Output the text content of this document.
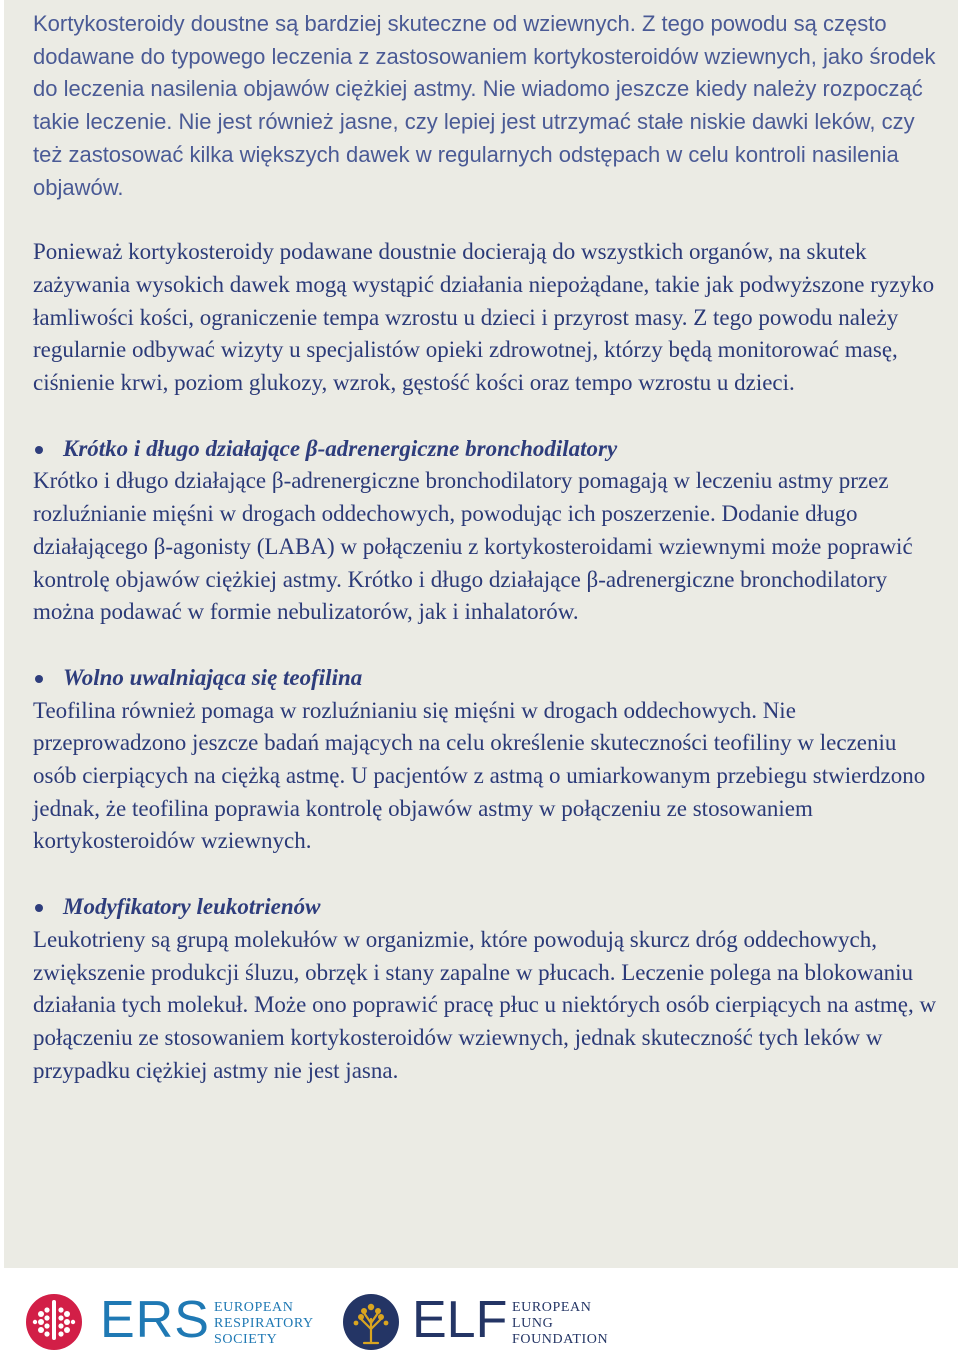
Kortykosteroidy doustne są bardziej skuteczne od wziewnych. Z tego powodu są często dodawane do typowego leczenia z zastosowaniem kortykosteroidów wziewnych, jako środek do leczenia nasilenia objawów ciężkiej astmy. Nie wiadomo jeszcze kiedy należy rozpocząć takie leczenie. Nie jest również jasne, czy lepiej jest utrzymać stałe niskie dawki leków, czy też zastosować kilka większych dawek w regularnych odstępach w celu kontroli nasilenia objawów.

Ponieważ kortykosteroidy podawane doustnie docierają do wszystkich organów, na skutek zażywania wysokich dawek mogą wystąpić działania niepożądane, takie jak podwyższone ryzyko łamliwości kości, ograniczenie tempa wzrostu u dzieci i przyrost masy. Z tego powodu należy regularnie odbywać wizyty u specjalistów opieki zdrowotnej, którzy będą monitorować masę, ciśnienie krwi, poziom glukozy, wzrok, gęstość kości oraz tempo wzrostu u dzieci.

Krótko i długo działające β-adrenergiczne bronchodilatory

Krótko i długo działające β-adrenergiczne bronchodilatory pomagają w leczeniu astmy przez rozluźnianie mięśni w drogach oddechowych, powodując ich poszerzenie. Dodanie długo działającego β-agonisty (LABA) w połączeniu z kortykosteroidami wziewnymi może poprawić kontrolę objawów ciężkiej astmy. Krótko i długo działające β-adrenergiczne bronchodilatory można podawać w formie nebulizatorów, jak i inhalatorów.

Wolno uwalniająca się teofilina

Teofilina również pomaga w rozluźnianiu się mięśni w drogach oddechowych. Nie przeprowadzono jeszcze badań mających na celu określenie skuteczności teofiliny w leczeniu osób cierpiących na ciężką astmę. U pacjentów z astmą o umiarkowanym przebiegu stwierdzono jednak, że teofilina poprawia kontrolę objawów astmy w połączeniu ze stosowaniem kortykosteroidów wziewnych.

Modyfikatory leukotrienów

Leukotrieny są grupą molekułów w organizmie, które powodują skurcz dróg oddechowych, zwiększenie produkcji śluzu, obrzęk i stany zapalne w płucach. Leczenie polega na blokowaniu działania tych molekuł. Może ono poprawić pracę płuc u niektórych osób cierpiących na astmę, w połączeniu ze stosowaniem kortykosteroidów wziewnych, jednak skuteczność tych leków w przypadku ciężkiej astmy nie jest jasna.

ERS EUROPEAN
RESPIRATORY
SOCIETY	ELF EUROPEAN
LUNG
FOUNDATION
